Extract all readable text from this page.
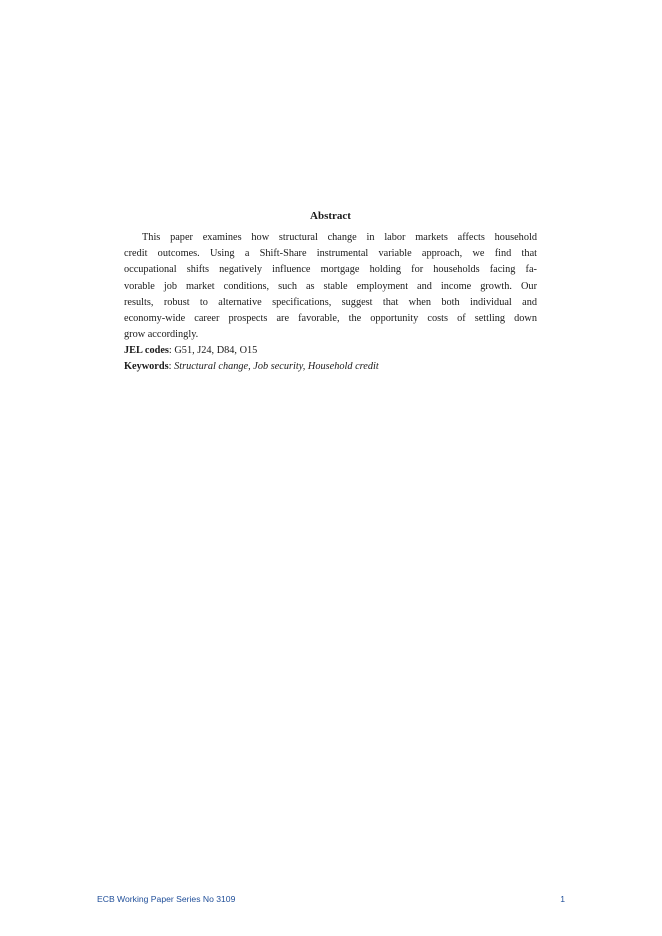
Abstract
This paper examines how structural change in labor markets affects household
credit outcomes. Using a Shift-Share instrumental variable approach, we find that
occupational shifts negatively influence mortgage holding for households facing fa-
vorable job market conditions, such as stable employment and income growth. Our
results, robust to alternative specifications, suggest that when both individual and
economy-wide career prospects are favorable, the opportunity costs of settling down
grow accordingly.
JEL codes: G51, J24, D84, O15
Keywords: Structural change, Job security, Household credit
ECB Working Paper Series No 3109	1
